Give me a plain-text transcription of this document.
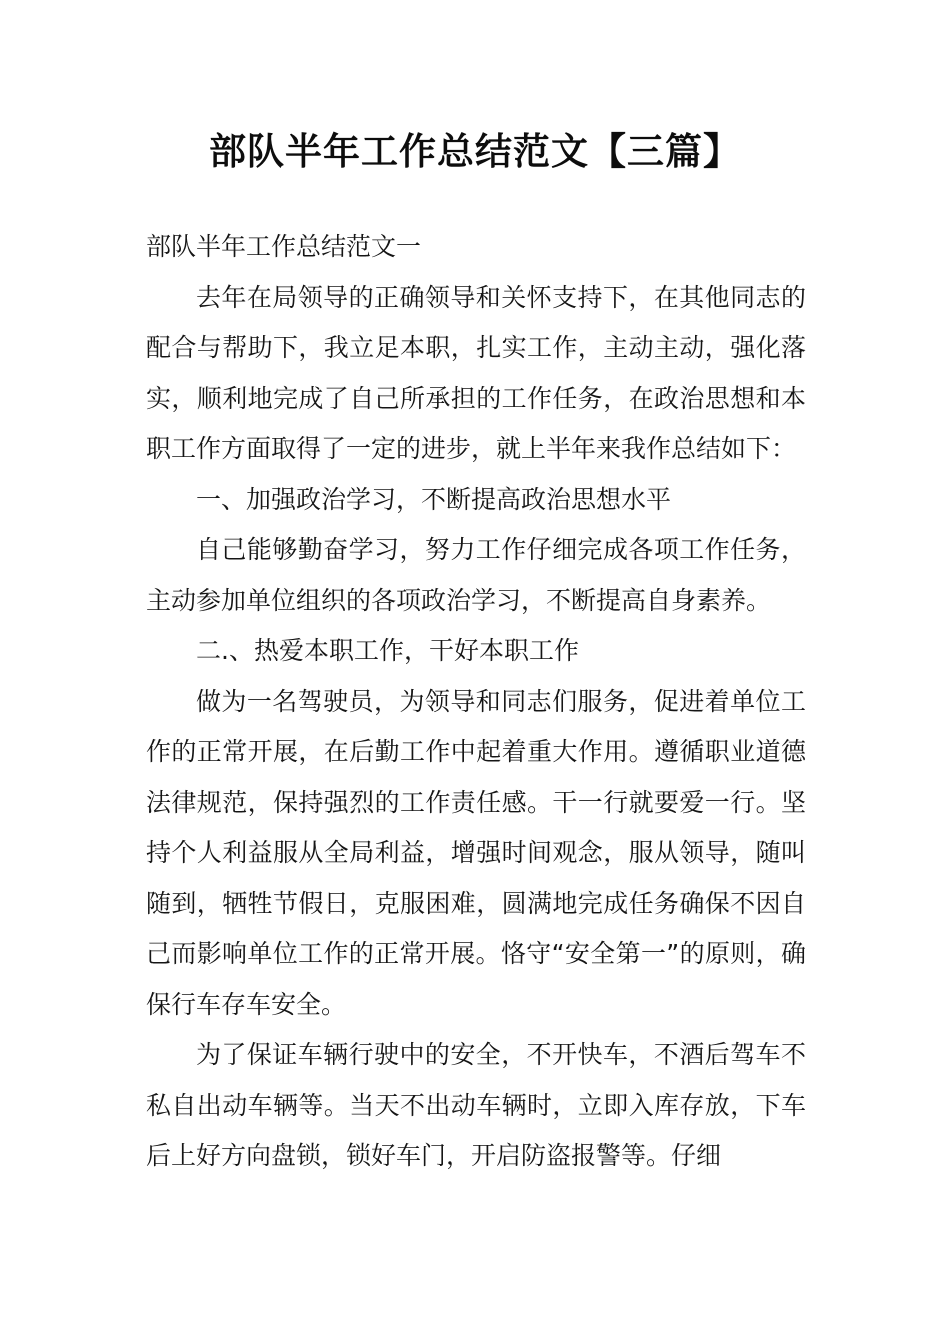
部队半年工作总结范文【三篇】

部队半年工作总结范文一

去年在局领导的正确领导和关怀支持下，在其他同志的配合与帮助下，我立足本职，扎实工作，主动主动，强化落实，顺利地完成了自己所承担的工作任务，在政治思想和本职工作方面取得了一定的进步，就上半年来我作总结如下：

一、加强政治学习，不断提高政治思想水平

自己能够勤奋学习，努力工作仔细完成各项工作任务，主动参加单位组织的各项政治学习，不断提高自身素养。

二.、热爱本职工作，干好本职工作

做为一名驾驶员，为领导和同志们服务，促进着单位工作的正常开展，在后勤工作中起着重大作用。遵循职业道德法律规范，保持强烈的工作责任感。干一行就要爱一行。坚持个人利益服从全局利益，增强时间观念，服从领导，随叫随到，牺牲节假日，克服困难，圆满地完成任务确保不因自己而影响单位工作的正常开展。恪守“安全第一”的原则，确保行车存车安全。

为了保证车辆行驶中的安全，不开快车，不酒后驾车不私自出动车辆等。当天不出动车辆时，立即入库存放，下车后上好方向盘锁，锁好车门，开启防盗报警等。仔细
